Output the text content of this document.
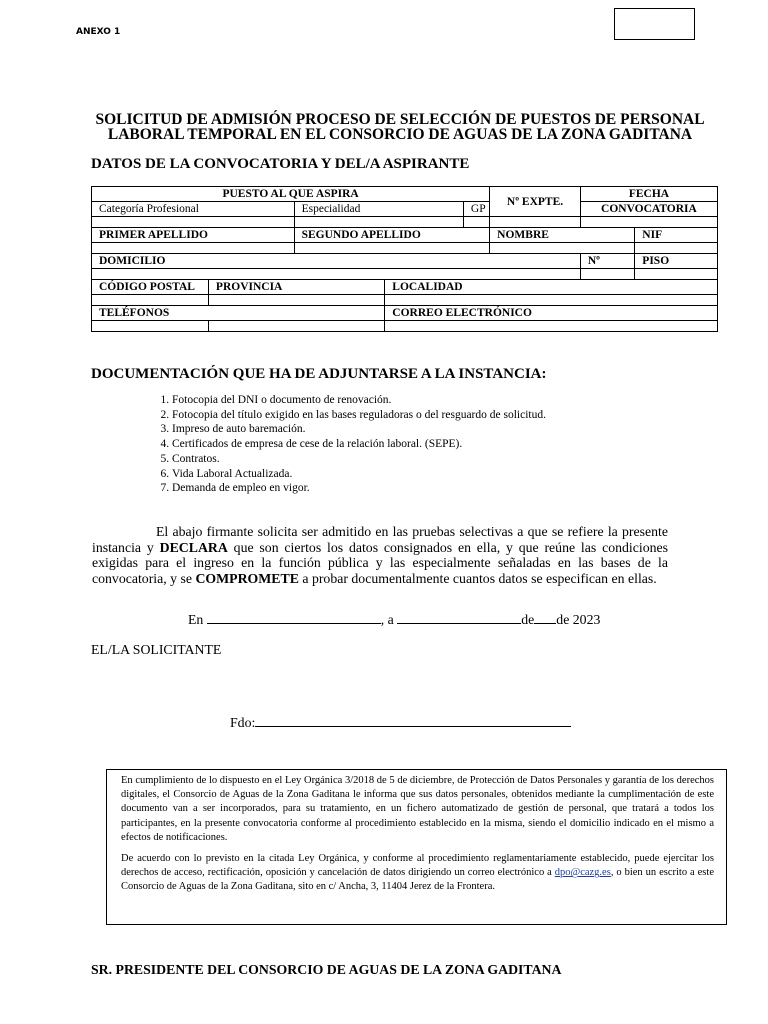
ANEXO 1
SOLICITUD DE ADMISIÓN PROCESO DE SELECCIÓN DE PUESTOS DE PERSONAL
LABORAL TEMPORAL EN EL CONSORCIO DE AGUAS DE LA ZONA GADITANA
DATOS DE LA CONVOCATORIA Y DEL/A ASPIRANTE
PUESTO AL QUE ASPIRA					Nº EXPTE.	FECHA	
Categoría Profesional		Especialidad		GP		CONVOCATORIA	

PRIMER APELLIDO		SEGUNDO APELLIDO			NOMBRE		NIF

DOMICILIO						Nº	PISO

CÓDIGO POSTAL	PROVINCIA		LOCALIDAD				

TELÉFONOS			CORREO ELECTRÓNICO				

DOCUMENTACIÓN QUE HA DE ADJUNTARSE A LA INSTANCIA:
1. Fotocopia del DNI o documento de renovación.
2. Fotocopia del título exigido en las bases reguladoras o del resguardo de solicitud.
3. Impreso de auto baremación.
4. Certificados de empresa de cese de la relación laboral. (SEPE).
5. Contratos.
6. Vida Laboral Actualizada.
7. Demanda de empleo en vigor.
El abajo firmante solicita ser admitido en las pruebas selectivas a que se refiere la presente instancia y DECLARA que son ciertos los datos consignados en ella, y que reúne las condiciones exigidas para el ingreso en la función pública y las especialmente señaladas en las bases de la convocatoria, y se COMPROMETE a probar documentalmente cuantos datos se especifican en ellas.
En	, a	de de 2023
EL/LA SOLICITANTE
Fdo:

En cumplimiento de lo dispuesto en el Ley Orgánica 3/2018 de 5 de diciembre, de Protección de Datos Personales y garantía de los derechos digitales, el Consorcio de Aguas de la Zona Gaditana le informa que sus datos personales, obtenidos mediante la cumplimentación de este documento van a ser incorporados, para su tratamiento, en un fichero automatizado de gestión de personal, que tratará a todos los participantes, en la presente convocatoria conforme al procedimiento establecido en la misma, siendo el domicilio indicado en el mismo a efectos de notificaciones.

De acuerdo con lo previsto en la citada Ley Orgánica, y conforme al procedimiento reglamentariamente establecido, puede ejercitar los derechos de acceso, rectificación, oposición y cancelación de datos dirigiendo un correo electrónico a dpo@cazg.es, o bien un escrito a este Consorcio de Aguas de la Zona Gaditana, sito en c/ Ancha, 3, 11404 Jerez de la Frontera.

SR. PRESIDENTE DEL CONSORCIO DE AGUAS DE LA ZONA GADITANA
